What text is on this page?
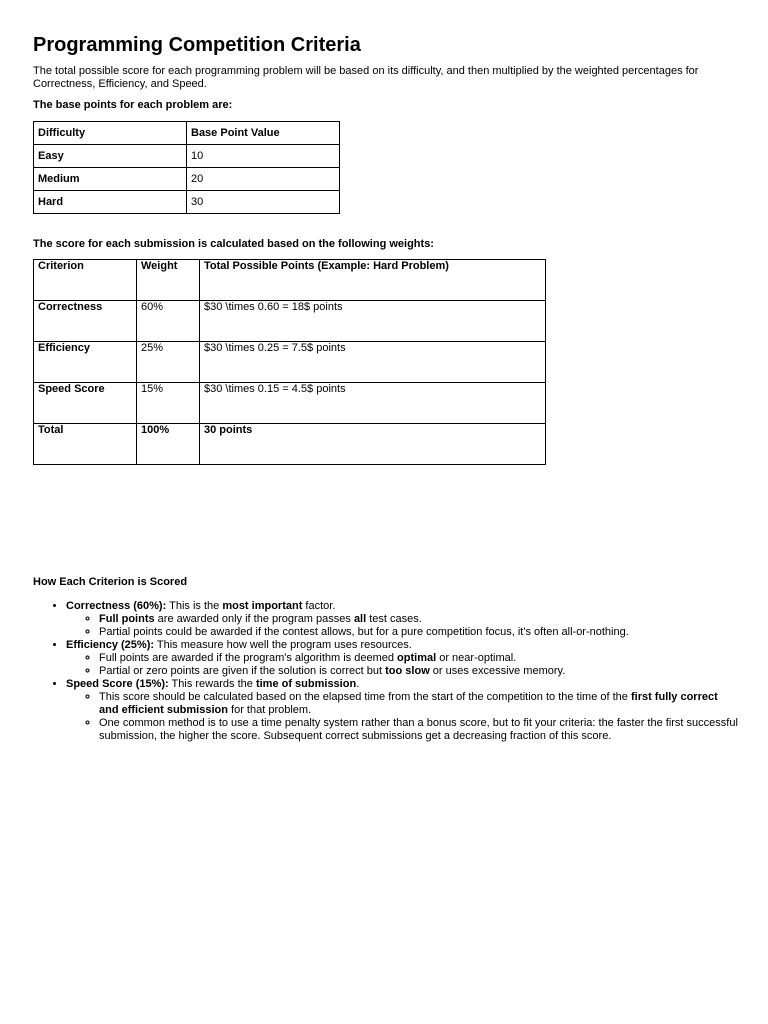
Programming Competition Criteria

The total possible score for each programming problem will be based on its difficulty, and then multiplied by the weighted percentages for Correctness, Efficiency, and Speed.

The base points for each problem are:

Difficulty	Base Point Value
Easy	10
Medium	20
Hard	30

The score for each submission is calculated based on the following weights:

Criterion	Weight	Total Possible Points (Example: Hard Problem)
Correctness	60%	$30 \times 0.60 = 18$ points
Efficiency	25%	$30 \times 0.25 = 7.5$ points
Speed Score	15%	$30 \times 0.15 = 4.5$ points
Total	100%	30 points

How Each Criterion is Scored

• Correctness (60%): This is the most important factor.
◦ Full points are awarded only if the program passes all test cases.
◦ Partial points could be awarded if the contest allows, but for a pure competition focus, it's often all-or-nothing.
• Efficiency (25%): This measure how well the program uses resources.
◦ Full points are awarded if the program's algorithm is deemed optimal or near-optimal.
◦ Partial or zero points are given if the solution is correct but too slow or uses excessive memory.
• Speed Score (15%): This rewards the time of submission.
◦ This score should be calculated based on the elapsed time from the start of the competition to the time of the first fully correct and efficient submission for that problem.
◦ One common method is to use a time penalty system rather than a bonus score, but to fit your criteria: the faster the first successful submission, the higher the score. Subsequent correct submissions get a decreasing fraction of this score.
